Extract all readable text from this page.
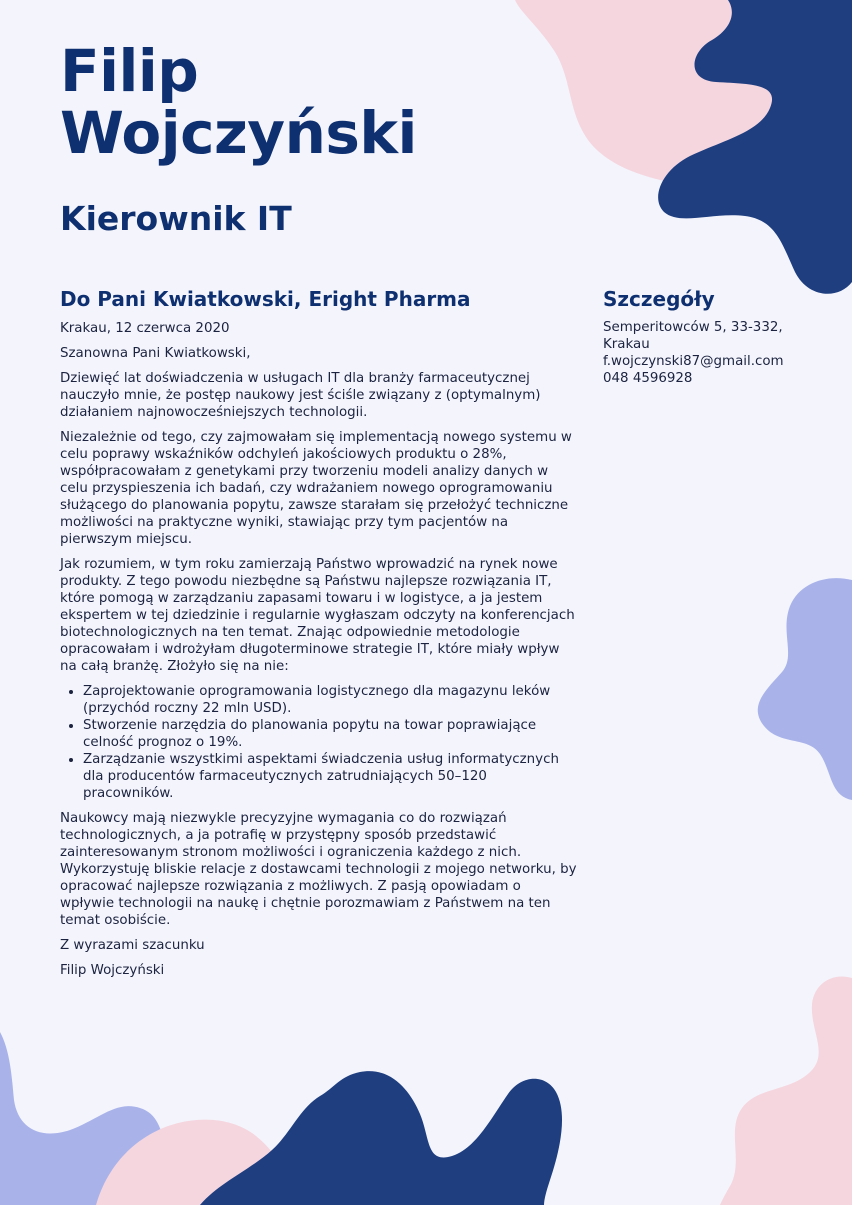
Filip
Wojczyński
Kierownik IT
Do Pani Kwiatkowski, Eright Pharma

Krakau, 12 czerwca 2020

Szanowna Pani Kwiatkowski,

Dziewięć lat doświadczenia w usługach IT dla branży farmaceutycznej nauczyło mnie, że postęp naukowy jest ściśle związany z (optymalnym) działaniem najnowocześniejszych technologii.

Niezależnie od tego, czy zajmowałam się implementacją nowego systemu w celu poprawy wskaźników odchyleń jakościowych produktu o 28%, współpracowałam z genetykami przy tworzeniu modeli analizy danych w celu przyspieszenia ich badań, czy wdrażaniem nowego oprogramowaniu służącego do planowania popytu, zawsze starałam się przełożyć techniczne możliwości na praktyczne wyniki, stawiając przy tym pacjentów na pierwszym miejscu.

Jak rozumiem, w tym roku zamierzają Państwo wprowadzić na rynek nowe produkty. Z tego powodu niezbędne są Państwu najlepsze rozwiązania IT, które pomogą w zarządzaniu zapasami towaru i w logistyce, a ja jestem ekspertem w tej dziedzinie i regularnie wygłaszam odczyty na konferencjach biotechnologicznych na ten temat. Znając odpowiednie metodologie opracowałam i wdrożyłam długoterminowe strategie IT, które miały wpływ na całą branżę. Złożyło się na nie:

• Zaprojektowanie oprogramowania logistycznego dla magazynu leków (przychód roczny 22 mln USD).
• Stworzenie narzędzia do planowania popytu na towar poprawiające celność prognoz o 19%.
• Zarządzanie wszystkimi aspektami świadczenia usług informatycznych dla producentów farmaceutycznych zatrudniających 50–120 pracowników.

Naukowcy mają niezwykle precyzyjne wymagania co do rozwiązań technologicznych, a ja potrafię w przystępny sposób przedstawić zainteresowanym stronom możliwości i ograniczenia każdego z nich. Wykorzystuję bliskie relacje z dostawcami technologii z mojego networku, by opracować najlepsze rozwiązania z możliwych. Z pasją opowiadam o wpływie technologii na naukę i chętnie porozmawiam z Państwem na ten temat osobiście.

Z wyrazami szacunku

Filip Wojczyński

Szczegóły
Semperitowców 5, 33-332,
Krakau
f.wojczynski87@gmail.com
048 4596928
